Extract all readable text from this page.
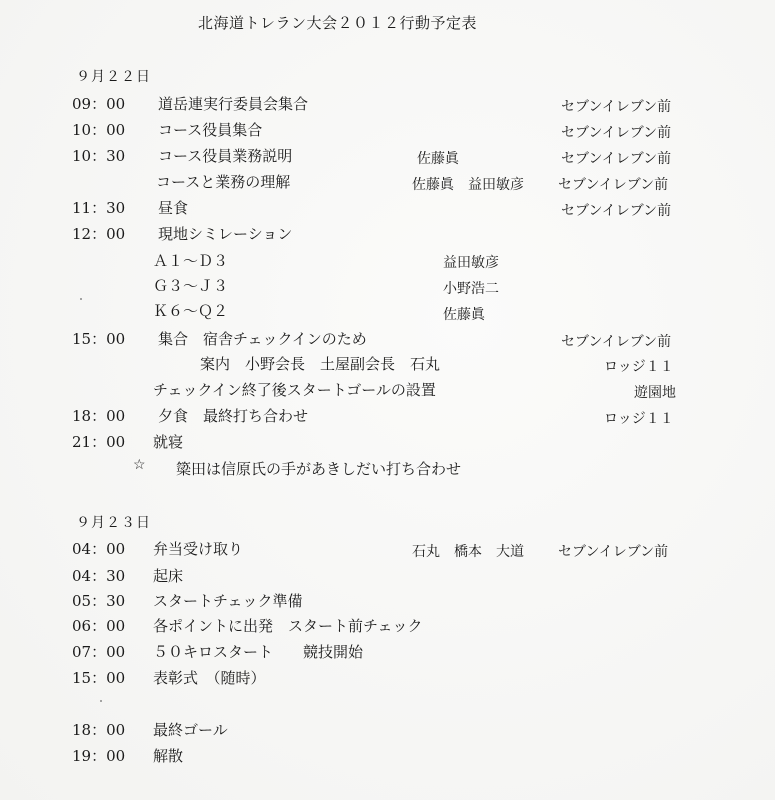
北海道トレラン大会２０１２行動予定表
９月２２日
09：00 道岳連実行委員会集合	セブンイレブン前
10：00 コース役員集合	セブンイレブン前
10：30 コース役員業務説明	佐藤眞	セブンイレブン前
コースと業務の理解	佐藤眞　益田敏彦 セブンイレブン前
11：30 昼食	セブンイレブン前
12：00 現地シミレーション
Ａ１～Ｄ３	益田敏彦
Ｇ３～Ｊ３	小野浩二
Ｋ６～Ｑ２	佐藤眞
15：00 集合　宿舎チェックインのため	セブンイレブン前
案内　小野会長　土屋副会長　石丸	ロッジ１１
チェックイン終了後スタートゴールの設置	遊園地
18：00 夕食　最終打ち合わせ	ロッジ１１
21：00 就寝
☆ 簗田は信原氏の手があきしだい打ち合わせ
９月２３日
04：00 弁当受け取り	石丸　橋本　大道 セブンイレブン前
04：30 起床
05：30 スタートチェック準備
06：00 各ポイントに出発　スタート前チェック
07：00 ５０キロスタート　　競技開始
15：00 表彰式　（随時）
18：00 最終ゴール
19：00 解散
